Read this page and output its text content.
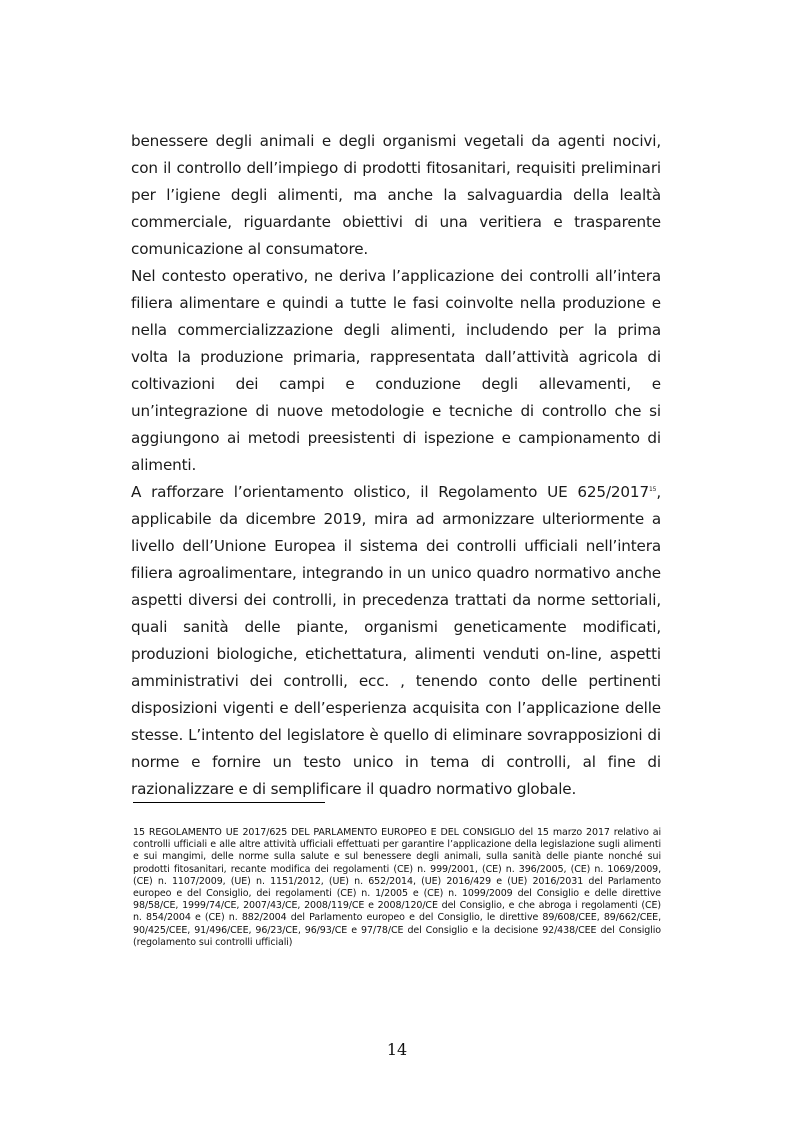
benessere degli animali e degli organismi vegetali da agenti nocivi, con il controllo dell’impiego di prodotti fitosanitari, requisiti preliminari per l’igiene degli alimenti, ma anche la salvaguardia della lealtà commerciale, riguardante obiettivi di una veritiera e trasparente comunicazione al consumatore.

Nel contesto operativo, ne deriva l’applicazione dei controlli all’intera filiera alimentare e quindi a tutte le fasi coinvolte nella produzione e nella commercializzazione degli alimenti, includendo per la prima volta la produzione primaria, rappresentata dall’attività agricola di coltivazioni dei campi e conduzione degli allevamenti, e un’integrazione di nuove metodologie e tecniche di controllo che si aggiungono ai metodi preesistenti di ispezione e campionamento di alimenti.

A rafforzare l’orientamento olistico, il Regolamento UE 625/2017$^{15}$, applicabile da dicembre 2019, mira ad armonizzare ulteriormente a livello dell’Unione Europea il sistema dei controlli ufficiali nell’intera filiera agroalimentare, integrando in un unico quadro normativo anche aspetti diversi dei controlli, in precedenza trattati da norme settoriali, quali sanità delle piante, organismi geneticamente modificati, produzioni biologiche, etichettatura, alimenti venduti on-line, aspetti amministrativi dei controlli, ecc. , tenendo conto delle pertinenti disposizioni vigenti e dell’esperienza acquisita con l’applicazione delle stesse. L’intento del legislatore è quello di eliminare sovrapposizioni di norme e fornire un testo unico in tema di controlli, al fine di razionalizzare e di semplificare il quadro normativo globale.

15 REGOLAMENTO UE 2017/625 DEL PARLAMENTO EUROPEO E DEL CONSIGLIO del 15 marzo 2017 relativo ai controlli ufficiali e alle altre attività ufficiali effettuati per garantire l’applicazione della legislazione sugli alimenti e sui mangimi, delle norme sulla salute e sul benessere degli animali, sulla sanità delle piante nonché sui prodotti fitosanitari, recante modifica dei regolamenti (CE) n. 999/2001, (CE) n. 396/2005, (CE) n. 1069/2009, (CE) n. 1107/2009, (UE) n. 1151/2012, (UE) n. 652/2014, (UE) 2016/429 e (UE) 2016/2031 del Parlamento europeo e del Consiglio, dei regolamenti (CE) n. 1/2005 e (CE) n. 1099/2009 del Consiglio e delle direttive 98/58/CE, 1999/74/CE, 2007/43/CE, 2008/119/CE e 2008/120/CE del Consiglio, e che abroga i regolamenti (CE) n. 854/2004 e (CE) n. 882/2004 del Parlamento europeo e del Consiglio, le direttive 89/608/CEE, 89/662/CEE, 90/425/CEE, 91/496/CEE, 96/23/CE, 96/93/CE e 97/78/CE del Consiglio e la decisione 92/438/CEE del Consiglio (regolamento sui controlli ufficiali)
14
